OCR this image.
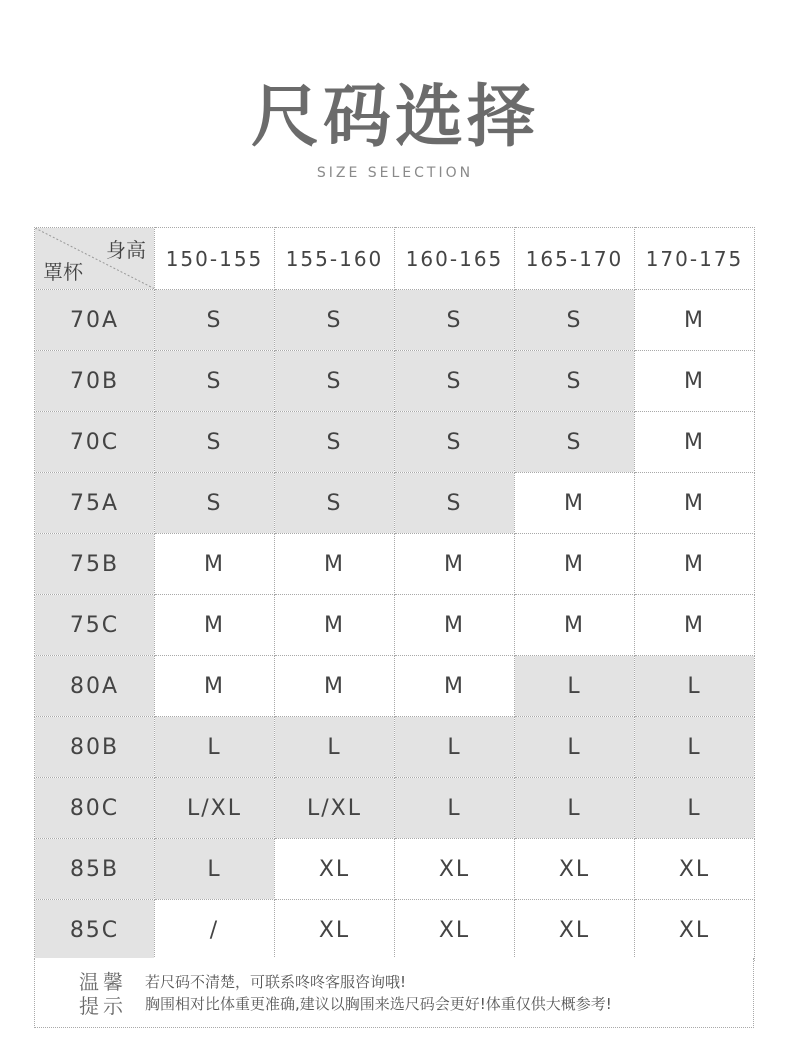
尺码选择
SIZE SELECTION
身高
罩杯	150-155	155-160	160-165	165-170	170-175
70A	S	S	S	S	M
70B	S	S	S	S	M
70C	S	S	S	S	M
75A	S	S	S	M	M
75B	M	M	M	M	M
75C	M	M	M	M	M
80A	M	M	M	L	L
80B	L	L	L	L	L
80C	L/XL	L/XL	L	L	L
85B	L	XL	XL	XL	XL
85C	/	XL	XL	XL	XL
温馨
提示
若尺码不清楚，可联系咚咚客服咨询哦!
胸围相对比体重更准确,建议以胸围来选尺码会更好!体重仅供大概参考!
